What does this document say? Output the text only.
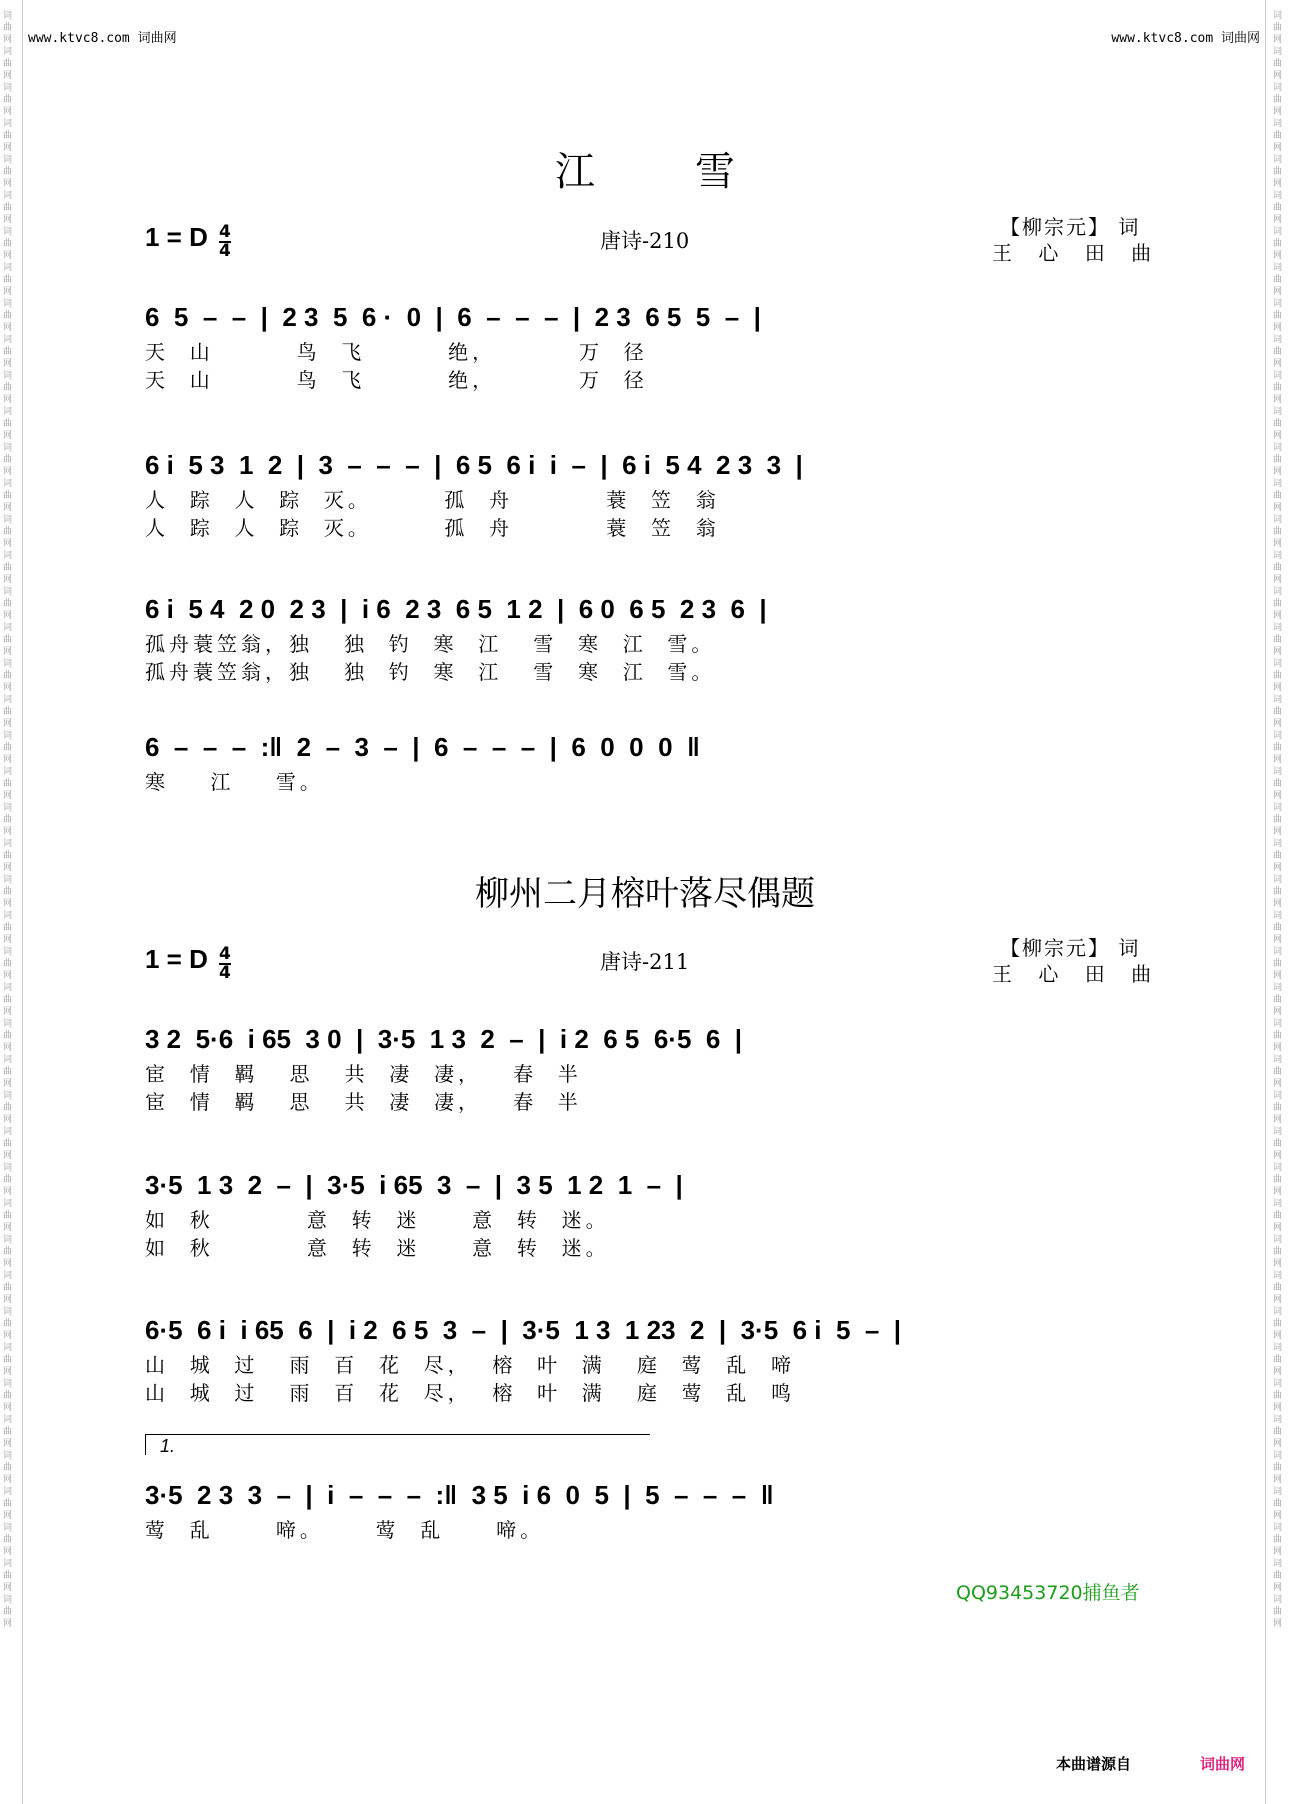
词曲网词曲网词曲网词曲网词曲网词曲网词曲网词曲网词曲网词曲网词曲网词曲网词曲网词曲网词曲网词曲网词曲网词曲网词曲网词曲网词曲网词曲网词曲网词曲网词曲网词曲网词曲网词曲网词曲网词曲网词曲网词曲网词曲网词曲网词曲网词曲网词曲网词曲网词曲网词曲网词曲网词曲网词曲网词曲网词曲网
词曲网词曲网词曲网词曲网词曲网词曲网词曲网词曲网词曲网词曲网词曲网词曲网词曲网词曲网词曲网词曲网词曲网词曲网词曲网词曲网词曲网词曲网词曲网词曲网词曲网词曲网词曲网词曲网词曲网词曲网词曲网词曲网词曲网词曲网词曲网词曲网词曲网词曲网词曲网词曲网词曲网词曲网词曲网词曲网词曲网
www.ktvc8.com 词曲网	www.ktvc8.com 词曲网
江雪
1 = D $\frac{4}{4}$	唐诗-210
【柳宗元】 词
王 心 田 曲
6  5  –  –  |  2 3  5  6 ·  0  |  6  –  –  –  |  2 3  6 5  5  –  |
天  山        鸟  飞        绝，        万  径
天  山        鸟  飞        绝，        万  径
6 i  5 3  1  2  |  3  –  –  –  |  6 5  6 i  i  –  |  6 i  5 4  2 3  3  |
人  踪  人  踪  灭。       孤  舟         蓑  笠  翁
人  踪  人  踪  灭。       孤  舟         蓑  笠  翁
6 i  5 4  2 0  2 3  |  i 6  2 3  6 5  1 2  |  6 0  6 5  2 3  6  |
孤舟蓑笠翁，独   独  钓  寒  江   雪  寒  江  雪。
孤舟蓑笠翁，独   独  钓  寒  江   雪  寒  江  雪。
6  –  –  –  :‖  2  –  3  –  |  6  –  –  –  |  6  0  0  0  ‖
寒    江    雪。
柳州二月榕叶落尽偶题
1 = D $\frac{4}{4}$	唐诗-211
【柳宗元】 词
王 心 田 曲
3 2  5·6  i 65  3 0  |  3·5  1 3  2  –  |  i 2  6 5  6·5  6  |
宦  情  羁   思   共  凄  凄，   春  半
宦  情  羁   思   共  凄  凄，   春  半
3·5  1 3  2  –  |  3·5  i 65  3  –  |  3 5  1 2  1  –  |
如  秋         意  转  迷     意  转  迷。
如  秋         意  转  迷     意  转  迷。
6·5  6 i  i 65  6  |  i 2  6 5  3  –  |  3·5  1 3  1 23  2  |  3·5  6 i  5  –  |
山  城  过   雨  百  花  尽，  榕  叶  满   庭  莺  乱  啼
山  城  过   雨  百  花  尽，  榕  叶  满   庭  莺  乱  鸣
3·5  2 3  3  –  |  i  –  –  –  :‖  3 5  i 6  0  5  |  5  –  –  –  ‖
1.
莺  乱      啼。     莺  乱     啼。
QQ93453720捕鱼者
本曲谱源自	词曲网
